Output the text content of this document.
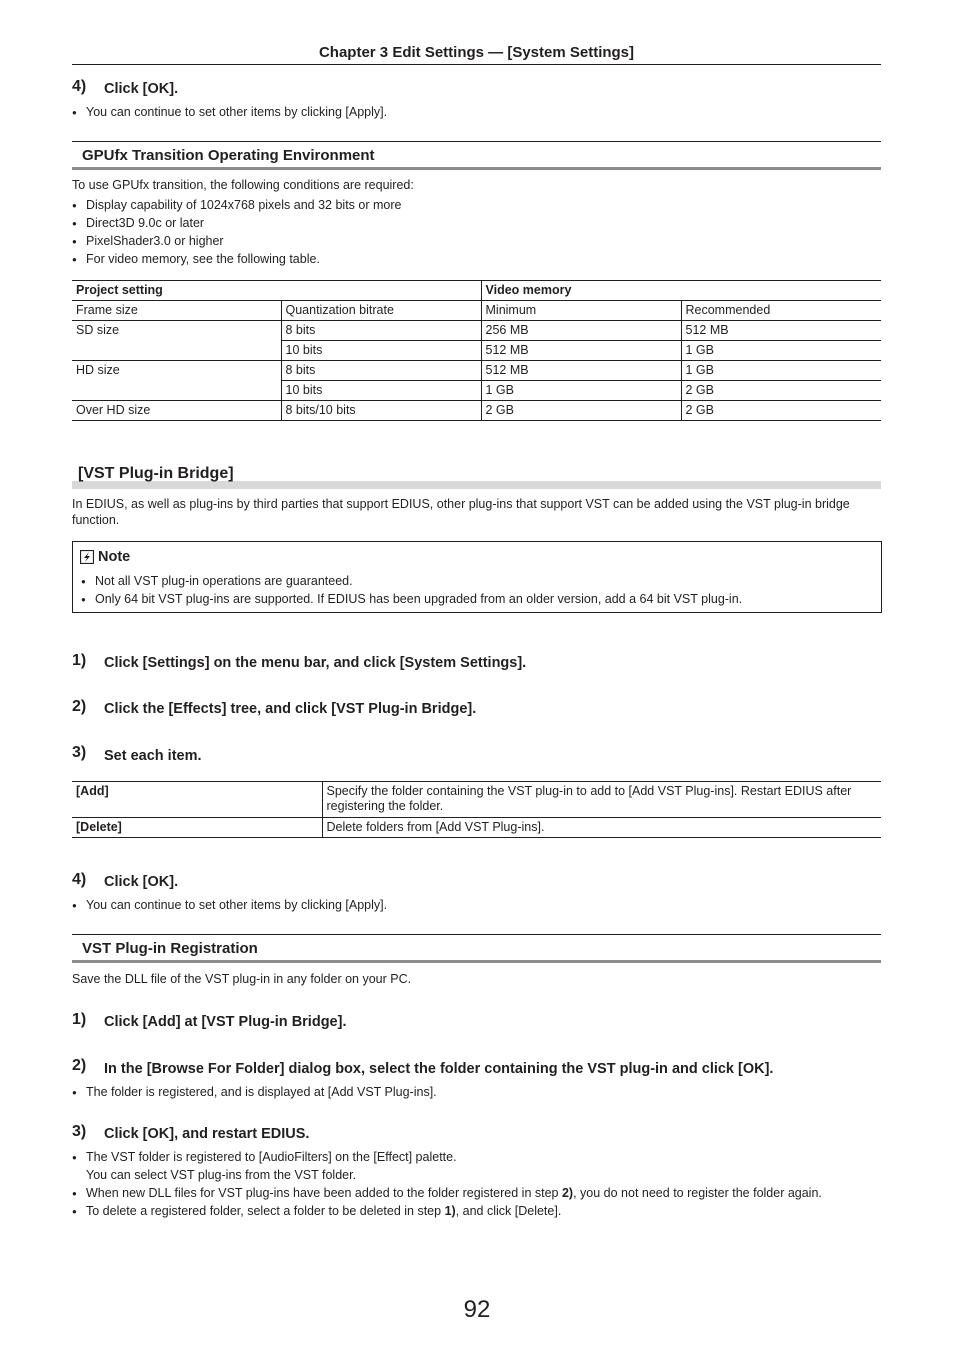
Chapter 3 Edit Settings — [System Settings]
4) Click [OK].
● You can continue to set other items by clicking [Apply].
GPUfx Transition Operating Environment
To use GPUfx transition, the following conditions are required:
● Display capability of 1024x768 pixels and 32 bits or more
● Direct3D 9.0c or later
● PixelShader3.0 or higher
● For video memory, see the following table.
Project setting		Video memory	
Frame size	Quantization bitrate	Minimum	Recommended
SD size	8 bits	256 MB	512 MB
	10 bits	512 MB	1 GB
HD size	8 bits	512 MB	1 GB
	10 bits	1 GB	2 GB
Over HD size	8 bits/10 bits	2 GB	2 GB
[VST Plug-in Bridge]
In EDIUS, as well as plug-ins by third parties that support EDIUS, other plug-ins that support VST can be added using the VST plug-in bridge function.
Note
● Not all VST plug-in operations are guaranteed.
● Only 64 bit VST plug-ins are supported. If EDIUS has been upgraded from an older version, add a 64 bit VST plug-in.
1) Click [Settings] on the menu bar, and click [System Settings].
2) Click the [Effects] tree, and click [VST Plug-in Bridge].
3) Set each item.
[Add]	Specify the folder containing the VST plug-in to add to [Add VST Plug-ins]. Restart EDIUS after registering the folder.
[Delete]	Delete folders from [Add VST Plug-ins].
4) Click [OK].
● You can continue to set other items by clicking [Apply].
VST Plug-in Registration
Save the DLL file of the VST plug-in in any folder on your PC.
1) Click [Add] at [VST Plug-in Bridge].
2) In the [Browse For Folder] dialog box, select the folder containing the VST plug-in and click [OK].
● The folder is registered, and is displayed at [Add VST Plug-ins].
3) Click [OK], and restart EDIUS.
● The VST folder is registered to [AudioFilters] on the [Effect] palette.
You can select VST plug-ins from the VST folder.
● When new DLL files for VST plug-ins have been added to the folder registered in step 2), you do not need to register the folder again.
● To delete a registered folder, select a folder to be deleted in step 1), and click [Delete].
92
